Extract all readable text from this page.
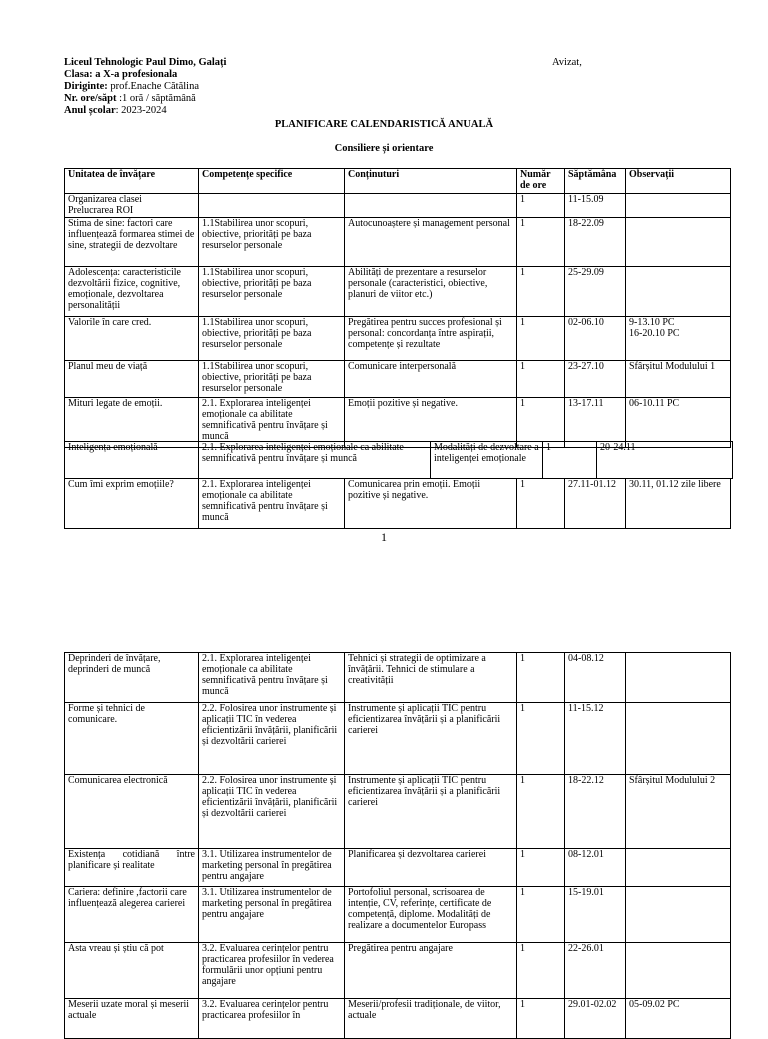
Liceul Tehnologic Paul Dimo, Galați
Clasa: a X-a profesionala
Diriginte: prof.Enache Cătălina
Nr. ore/săpt :1 oră / săptămână
Anul școlar: 2023-2024
Avizat,
PLANIFICARE CALENDARISTICĂ ANUALĂ
Consiliere și orientare
Unitatea de învățare	Competențe specifice	Conținuturi	Număr de ore	Săptămâna	Observații
Organizarea clasei
Prelucrarea ROI			1	11-15.09	
Stima de sine: factori care influențează formarea stimei de sine, strategii de dezvoltare	1.1Stabilirea unor scopuri, obiective, priorități pe baza resurselor personale	Autocunoaștere și management personal	1	18-22.09	
Adolescența: caracteristicile dezvoltării fizice, cognitive, emoționale, dezvoltarea personalității	1.1Stabilirea unor scopuri, obiective, priorități pe baza resurselor personale	Abilități de prezentare a resurselor personale (caracteristici, obiective, planuri de viitor etc.)	1	25-29.09	
Valorile în care cred.	1.1Stabilirea unor scopuri, obiective, priorități pe baza resurselor personale	Pregătirea pentru succes profesional și personal: concordanța între aspirații, competențe și rezultate	1	02-06.10	9-13.10 PC
16-20.10 PC
Planul meu de viață	1.1Stabilirea unor scopuri, obiective, priorități pe baza resurselor personale	Comunicare interpersonală	1	23-27.10	Sfârșitul Modulului 1
Mituri legate de emoții.	2.1. Explorarea inteligenței emoționale ca abilitate semnificativă pentru învățare și muncă	Emoții pozitive și negative.	1	13-17.11	06-10.11 PC
Inteligența emoțională	2.1. Explorarea inteligenței emoționale ca abilitate semnificativă pentru învățare și muncă	Modalități de dezvoltare a inteligenței emoționale	1	20-24.11
Cum îmi exprim emoțiile?	2.1. Explorarea inteligenței emoționale ca abilitate semnificativă pentru învățare și muncă	Comunicarea prin emoții. Emoții pozitive și negative.	1	27.11-01.12	30.11, 01.12 zile libere
1
Deprinderi de învățare, deprinderi de muncă	2.1. Explorarea inteligenței emoționale ca abilitate semnificativă pentru învățare și muncă	Tehnici și strategii de optimizare a învățării. Tehnici de stimulare a creativității	1	04-08.12	
Forme și tehnici de comunicare.	2.2. Folosirea unor instrumente și aplicații TIC în vederea eficientizării învățării, planificării și dezvoltării carierei	Instrumente și aplicații TIC pentru eficientizarea învățării și a planificării carierei	1	11-15.12	
Comunicarea electronică	2.2. Folosirea unor instrumente și aplicații TIC în vederea eficientizării învățării, planificării și dezvoltării carierei	Instrumente și aplicații TIC pentru eficientizarea învățării și a planificării carierei	1	18-22.12	Sfârșitul Modulului 2
Existența cotidiană între planificare și realitate	3.1. Utilizarea instrumentelor de marketing personal în pregătirea pentru angajare	Planificarea și dezvoltarea carierei	1	08-12.01	
Cariera: definire ,factorii care influențează alegerea carierei	3.1. Utilizarea instrumentelor de marketing personal în pregătirea pentru angajare	Portofoliul personal, scrisoarea de intenție, CV, referințe, certificate de competență, diplome. Modalități de realizare a documentelor Europass	1	15-19.01	
Asta vreau și știu că pot	3.2. Evaluarea cerințelor pentru practicarea profesiilor în vederea formulării unor opțiuni pentru angajare	Pregătirea pentru angajare	1	22-26.01	
Meserii uzate moral și meserii actuale	3.2. Evaluarea cerințelor pentru practicarea profesiilor în	Meserii/profesii tradiționale, de viitor, actuale	1	29.01-02.02	05-09.02 PC
